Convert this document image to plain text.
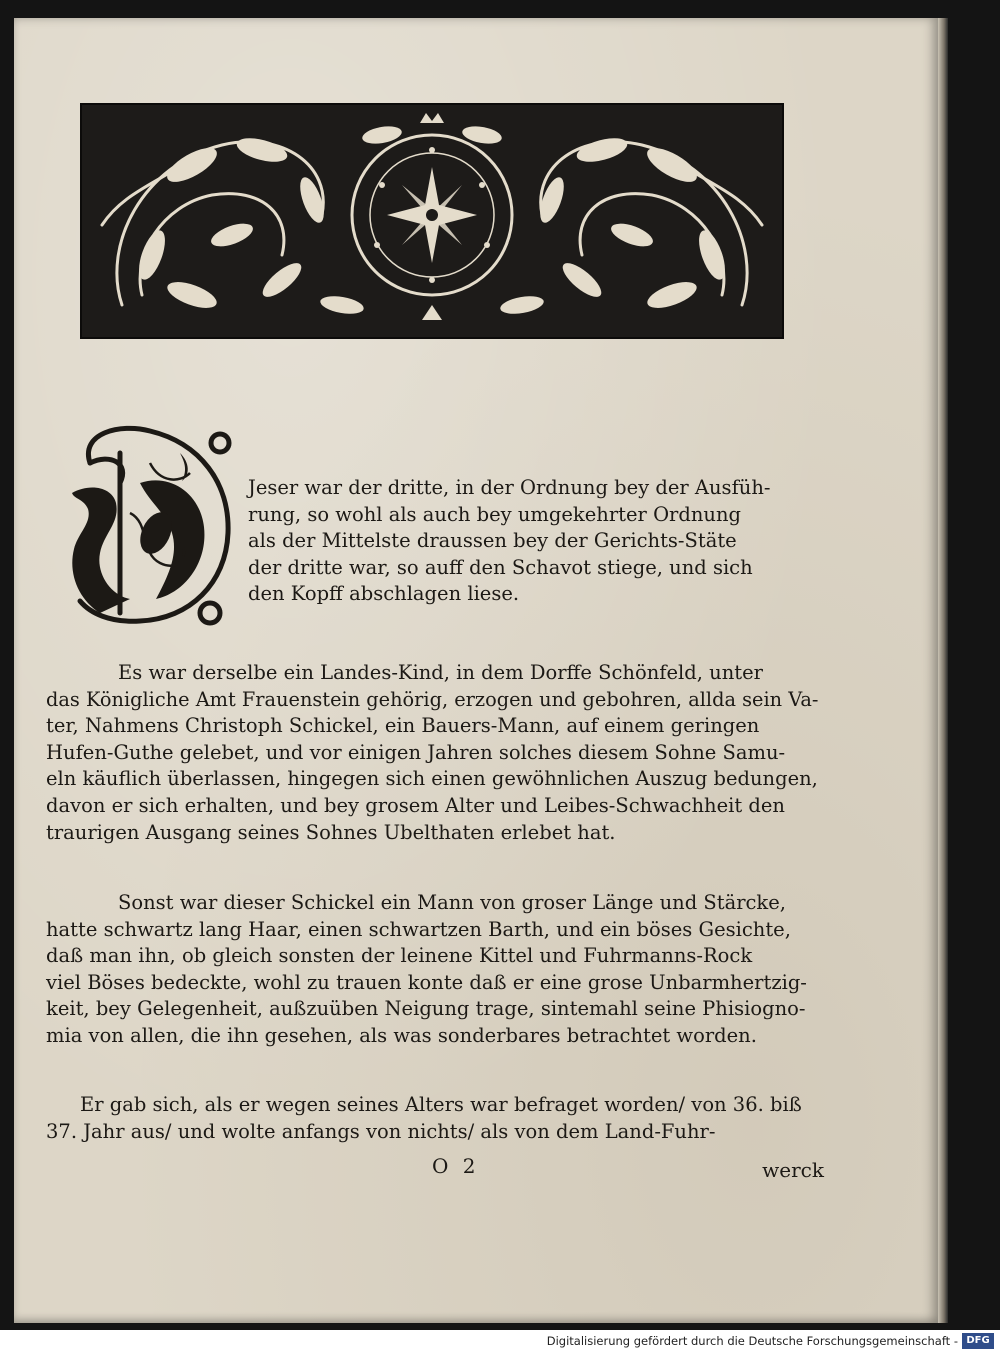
Jeser war der dritte, in der Ordnung bey der Ausfüh-
rung, so wohl als auch bey umgekehrter Ordnung
als der Mittelste draussen bey der Gerichts-Stäte
der dritte war, so auff den Schavot stiege, und sich
den Kopff abschlagen liese.

Es war derselbe ein Landes-Kind, in dem Dorffe Schönfeld, unter
das Königliche Amt Frauenstein gehörig, erzogen und gebohren, allda sein Va-
ter, Nahmens Christoph Schickel, ein Bauers-Mann, auf einem geringen
Hufen-Guthe gelebet, und vor einigen Jahren solches diesem Sohne Samu-
eln käuflich überlassen, hingegen sich einen gewöhnlichen Auszug bedungen,
davon er sich erhalten, und bey grosem Alter und Leibes-Schwachheit den
traurigen Ausgang seines Sohnes Ubelthaten erlebet hat.

Sonst war dieser Schickel ein Mann von groser Länge und Stärcke,
hatte schwartz lang Haar, einen schwartzen Barth, und ein böses Gesichte,
daß man ihn, ob gleich sonsten der leinene Kittel und Fuhrmanns-Rock
viel Böses bedeckte, wohl zu trauen konte daß er eine grose Unbarmhertzig-
keit, bey Gelegenheit, außzuüben Neigung trage, sintemahl seine Phisiogno-
mia von allen, die ihn gesehen, als was sonderbares betrachtet worden.

Er gab sich, als er wegen seines Alters war befraget worden/ von 36. biß
37. Jahr aus/ und wolte anfangs von nichts/ als von dem Land-Fuhr-

O 2	werck
Digitalisierung gefördert durch die Deutsche Forschungsgemeinschaft - DFG
